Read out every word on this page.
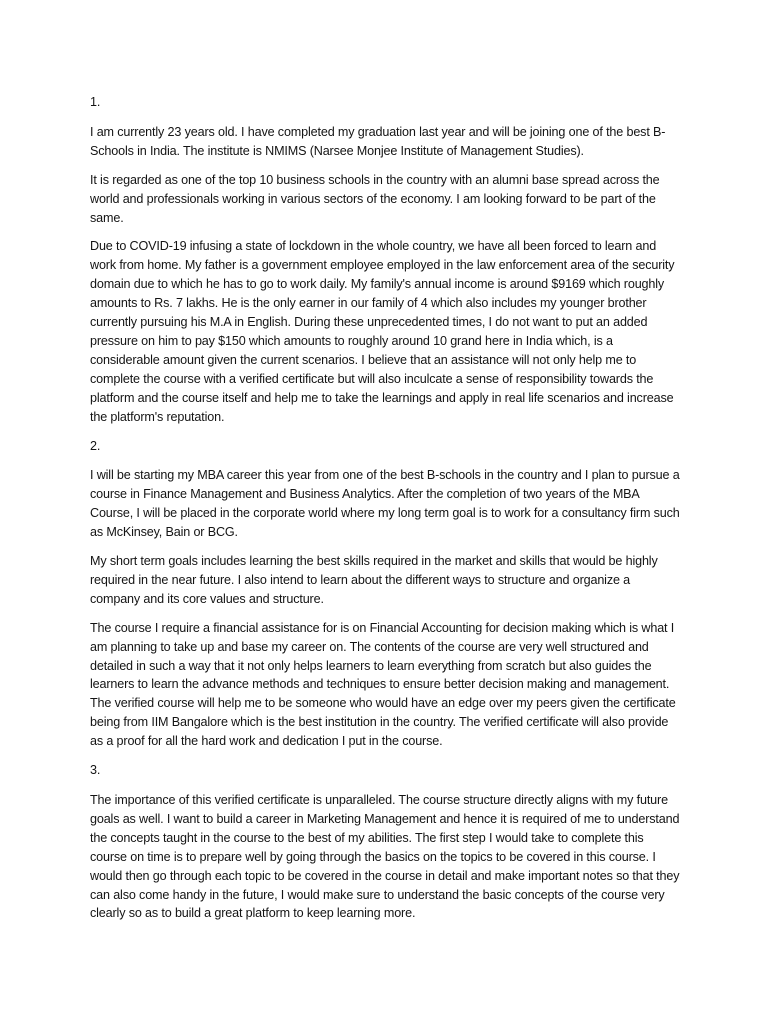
1.

I am currently 23 years old. I have completed my graduation last year and will be joining one of the best B-Schools in India. The institute is NMIMS (Narsee Monjee Institute of Management Studies).

It is regarded as one of the top 10 business schools in the country with an alumni base spread across the world and professionals working in various sectors of the economy. I am looking forward to be part of the same.

Due to COVID-19 infusing a state of lockdown in the whole country, we have all been forced to learn and work from home. My father is a government employee employed in the law enforcement area of the security domain due to which he has to go to work daily. My family's annual income is around $9169 which roughly amounts to Rs. 7 lakhs. He is the only earner in our family of 4 which also includes my younger brother currently pursuing his M.A in English. During these unprecedented times, I do not want to put an added pressure on him to pay $150 which amounts to roughly around 10 grand here in India which, is a considerable amount given the current scenarios. I believe that an assistance will not only help me to complete the course with a verified certificate but will also inculcate a sense of responsibility towards the platform and the course itself and help me to take the learnings and apply in real life scenarios and increase the platform's reputation.

2.

I will be starting my MBA career this year from one of the best B-schools in the country and I plan to pursue a course in Finance Management and Business Analytics. After the completion of two years of the MBA Course, I will be placed in the corporate world where my long term goal is to work for a consultancy firm such as McKinsey, Bain or BCG.

My short term goals includes learning the best skills required in the market and skills that would be highly required in the near future. I also intend to learn about the different ways to structure and organize a company and its core values and structure.

The course I require a financial assistance for is on Financial Accounting for decision making which is what I am planning to take up and base my career on. The contents of the course are very well structured and detailed in such a way that it not only helps learners to learn everything from scratch but also guides the learners to learn the advance methods and techniques to ensure better decision making and management. The verified course will help me to be someone who would have an edge over my peers given the certificate being from IIM Bangalore which is the best institution in the country. The verified certificate will also provide as a proof for all the hard work and dedication I put in the course.

3.

The importance of this verified certificate is unparalleled. The course structure directly aligns with my future goals as well. I want to build a career in Marketing Management and hence it is required of me to understand the concepts taught in the course to the best of my abilities. The first step I would take to complete this course on time is to prepare well by going through the basics on the topics to be covered in this course. I would then go through each topic to be covered in the course in detail and make important notes so that they can also come handy in the future, I would make sure to understand the basic concepts of the course very clearly so as to build a great platform to keep learning more.
